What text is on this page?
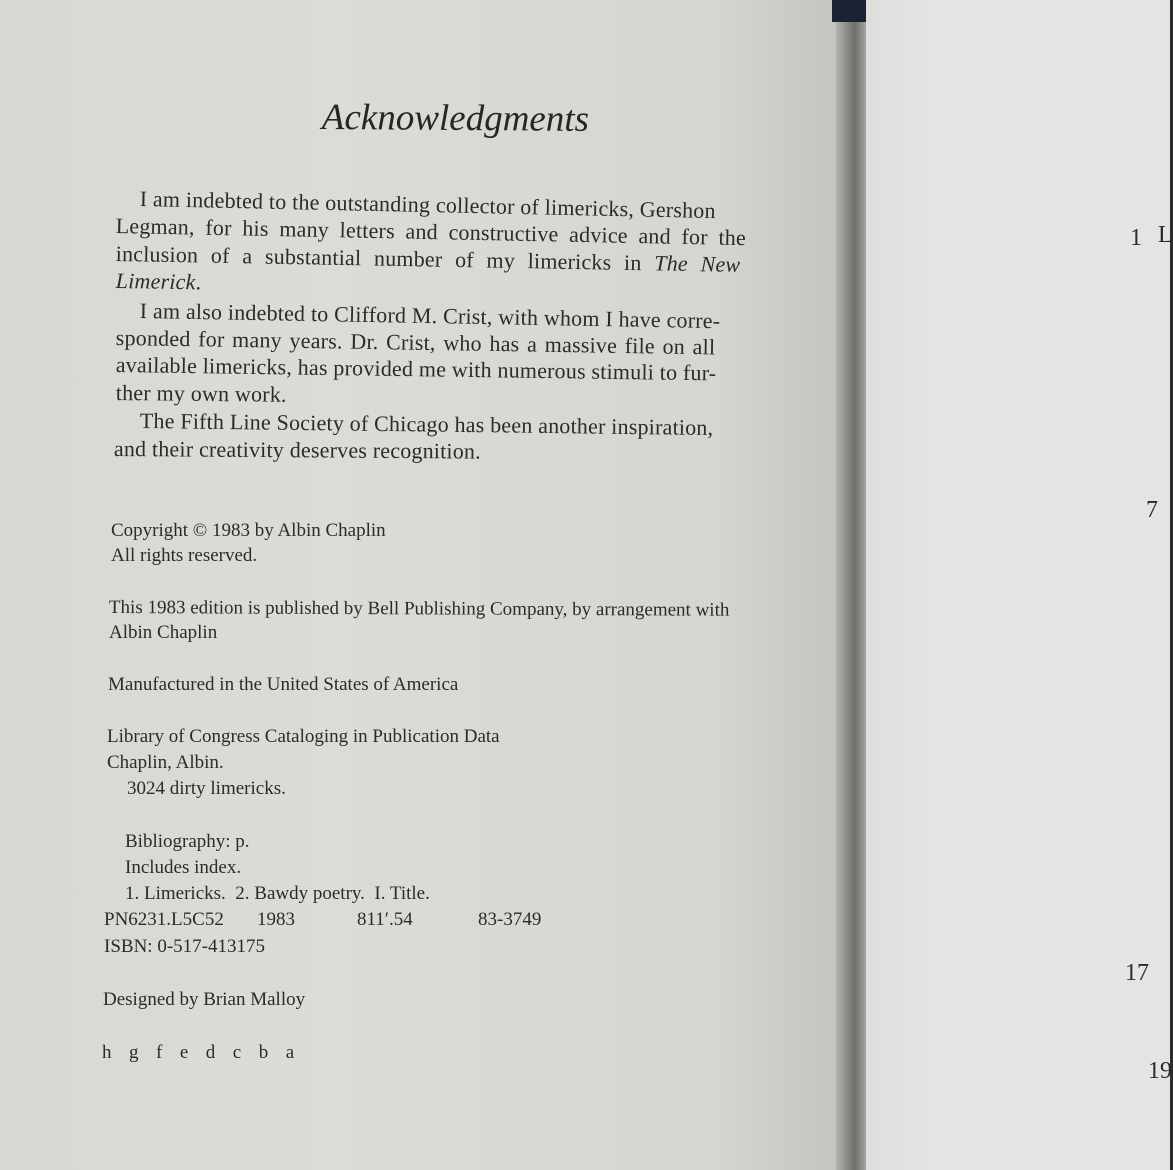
Acknowledgments
I am indebted to the outstanding collector of limericks, Gershon
Legman, for his many letters and constructive advice and for the
inclusion of a substantial number of my limericks in The New
Limerick.
I am also indebted to Clifford M. Crist, with whom I have corre-
sponded for many years. Dr. Crist, who has a massive file on all
available limericks, has provided me with numerous stimuli to fur-
ther my own work.
The Fifth Line Society of Chicago has been another inspiration,
and their creativity deserves recognition.
Copyright © 1983 by Albin Chaplin
All rights reserved.
This 1983 edition is published by Bell Publishing Company, by arrangement with
Albin Chaplin
Manufactured in the United States of America
Library of Congress Cataloging in Publication Data
Chaplin, Albin.
3024 dirty limericks.
Bibliography: p.
Includes index.
1. Limericks.  2. Bawdy poetry.  I. Title.
PN6231.L5C52 1983	811′.54	83-3749
ISBN: 0-517-413175
Designed by Brian Malloy
h  g  f  e  d  c  b  a
1 L
7
17
19
